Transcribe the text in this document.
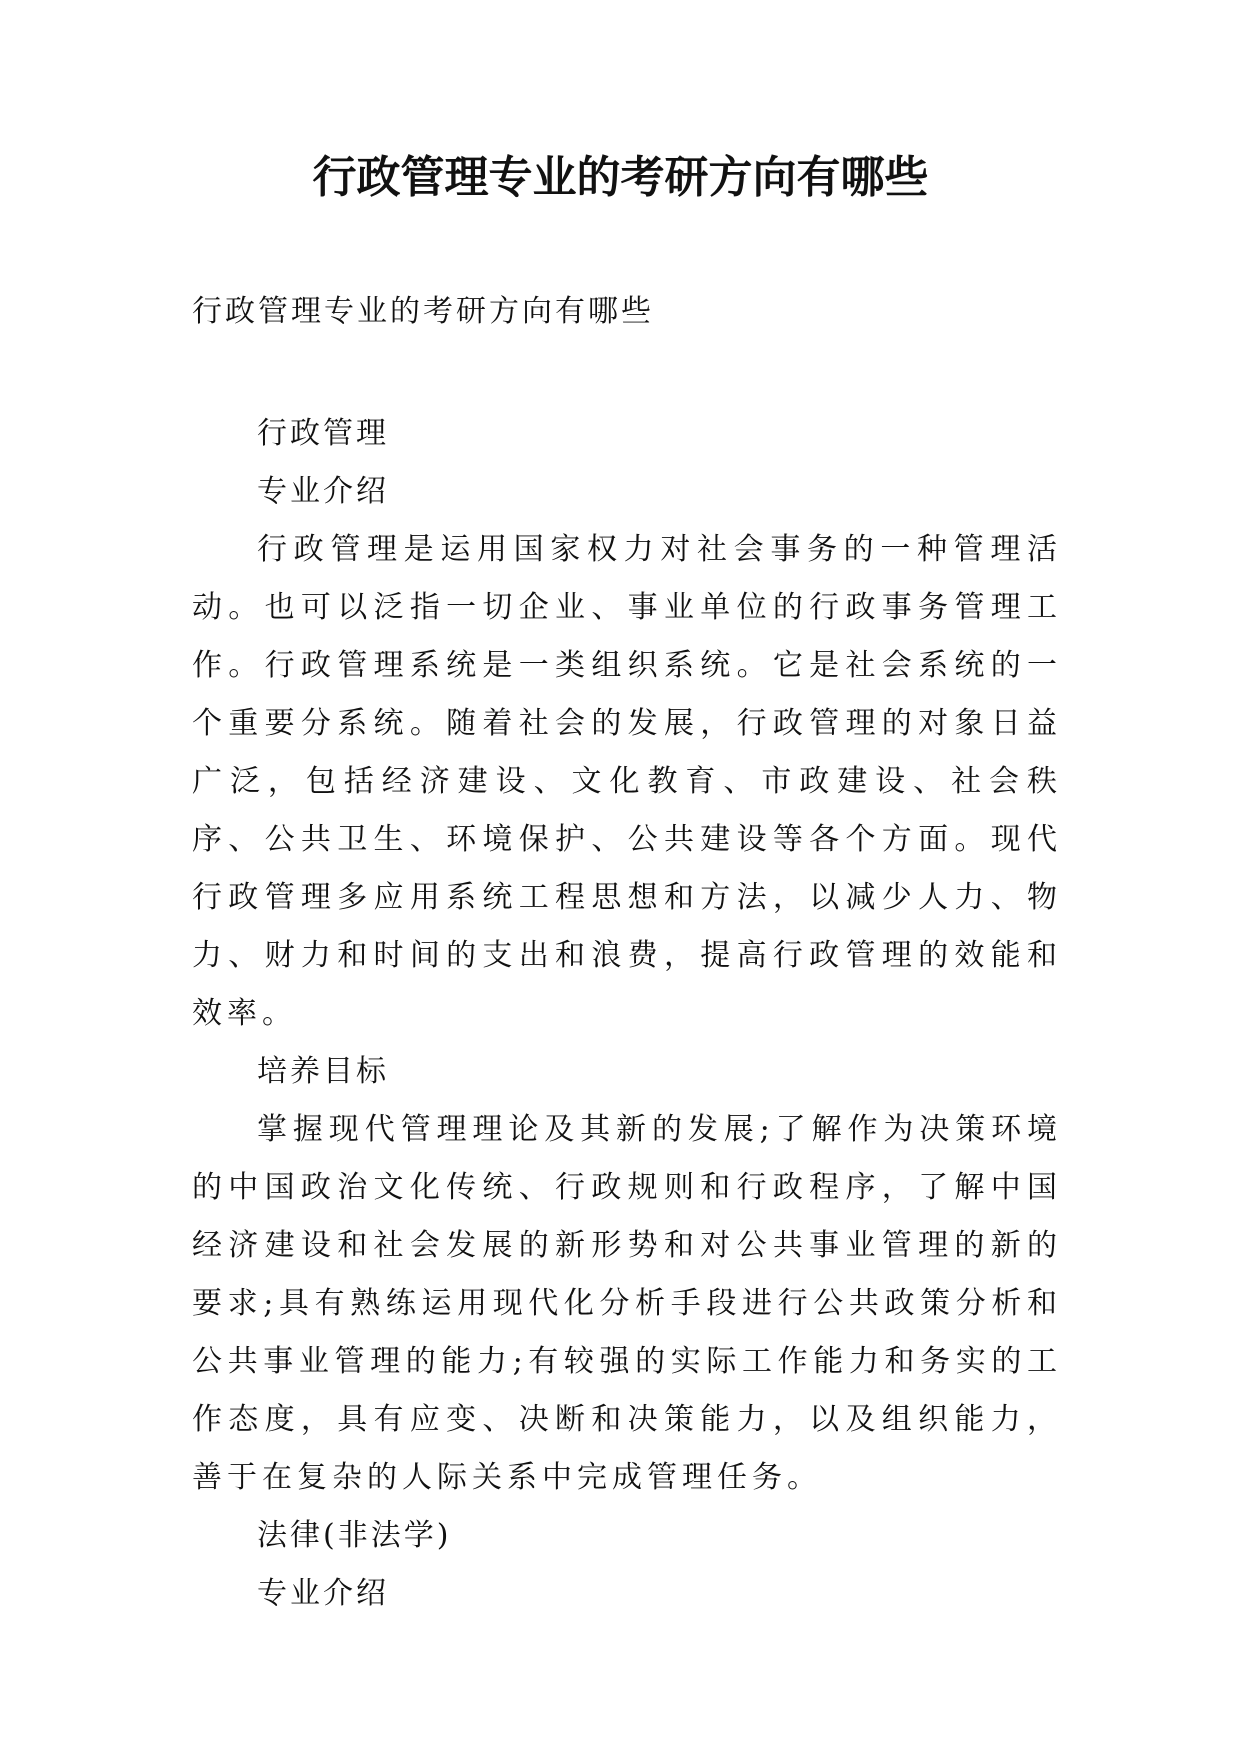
行政管理专业的考研方向有哪些

行政管理专业的考研方向有哪些

行政管理

专业介绍

行政管理是运用国家权力对社会事务的一种管理活动。也可以泛指一切企业、事业单位的行政事务管理工作。行政管理系统是一类组织系统。它是社会系统的一个重要分系统。随着社会的发展，行政管理的对象日益广泛，包括经济建设、文化教育、市政建设、社会秩序、公共卫生、环境保护、公共建设等各个方面。现代行政管理多应用系统工程思想和方法，以减少人力、物力、财力和时间的支出和浪费，提高行政管理的效能和效率。

培养目标

掌握现代管理理论及其新的发展;了解作为决策环境的中国政治文化传统、行政规则和行政程序，了解中国经济建设和社会发展的新形势和对公共事业管理的新的要求;具有熟练运用现代化分析手段进行公共政策分析和公共事业管理的能力;有较强的实际工作能力和务实的工作态度，具有应变、决断和决策能力，以及组织能力，善于在复杂的人际关系中完成管理任务。

法律(非法学)

专业介绍
